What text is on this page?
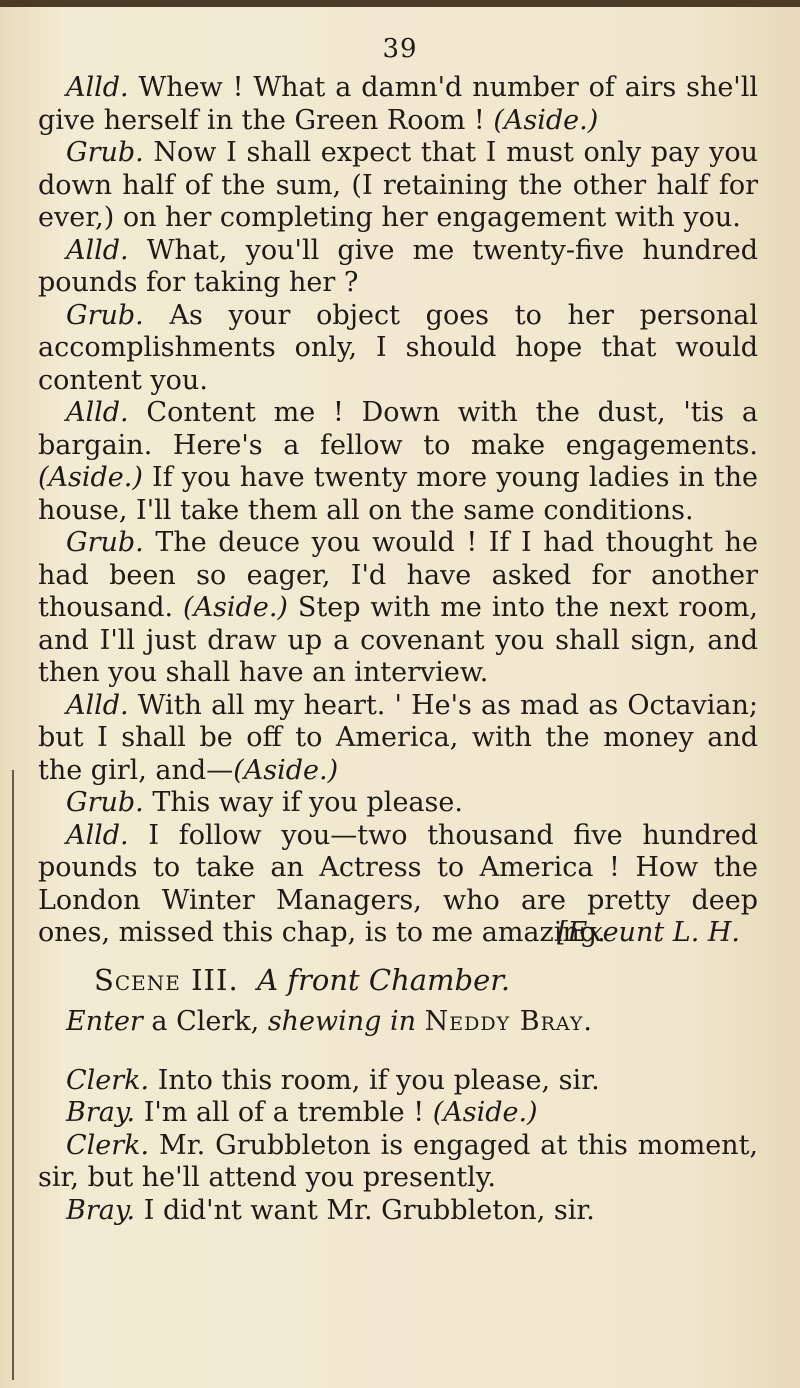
39

Alld. Whew ! What a damn'd number of airs she'll give herself in the Green Room ! (Aside.)

Grub. Now I shall expect that I must only pay you down half of the sum, (I retaining the other half for ever,) on her completing her engagement with you.

Alld. What, you'll give me twenty-five hundred pounds for taking her ?

Grub. As your object goes to her personal accomplishments only, I should hope that would content you.

Alld. Content me ! Down with the dust, 'tis a bargain. Here's a fellow to make engagements. (Aside.) If you have twenty more young ladies in the house, I'll take them all on the same conditions.

Grub. The deuce you would ! If I had thought he had been so eager, I'd have asked for another thousand. (Aside.) Step with me into the next room, and I'll just draw up a covenant you shall sign, and then you shall have an interview.

Alld. With all my heart. ' He's as mad as Octavian; but I shall be off to America, with the money and the girl, and—(Aside.)

Grub. This way if you please.

Alld. I follow you—two thousand five hundred pounds to take an Actress to America ! How the London Winter Managers, who are pretty deep ones, missed this chap, is to me amazing.

[Exeunt L. H.
Scene III. A front Chamber.
Enter a Clerk, shewing in Neddy Bray.

Clerk. Into this room, if you please, sir.

Bray. I'm all of a tremble ! (Aside.)

Clerk. Mr. Grubbleton is engaged at this moment, sir, but he'll attend you presently.

Bray. I did'nt want Mr. Grubbleton, sir.
